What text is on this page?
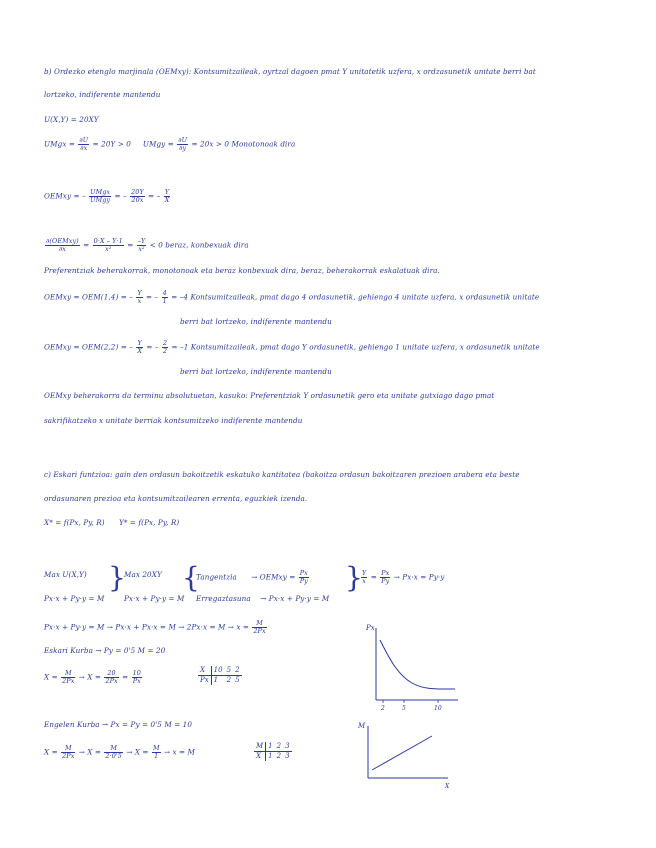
b) Ordezko etenglo marjinala (OEMxy): Kontsumitzaileak, oyrtzal dagoen pmat Y unitatetik uzfera, x ordzasunetik unitate berri bat
lortzeko, indiferente mantendu
U(X,Y) = 20XY
UMgx = $\frac{\partial U}{\partial x} = 20Y > 0$ UMgy = $\frac{\partial U}{\partial y} = 20x > 0$ Monotonoak dira
OEMxy = – $\frac{\text{UMgx}}{\text{UMgy}}$ = – $\frac{20Y}{20x}$ = – $\frac{Y}{X}$
$\frac{\text{∂(OEMxy)}}{\partial x} = \frac{0\cdot X - Y\cdot 1}{\text{x²}} = \frac{-Y}{\text{x²}} < 0$ beraz, konbexuak dira
Preferentziak beherakorrak, monotonoak eta beraz konbexuak dira, beraz, beherakorrak eskalatuak dira.
OEMxy = OEM(1,4) = – $\frac{Y}{x}$ = – $\frac{4}{1} = -4$ Kontsumitzaileak, pmat dago 4 ordasunetik, gehiengo 4 unitate uzfera, x ordasunetik unitate
berri bat lortzeko, indiferente mantendu
OEMxy = OEM(2,2) = – $\frac{Y}{X}$ = – $\frac{2}{2} = -1$ Kontsumitzaileak, pmat dago Y ordasunetik, gehiengo 1 unitate uzfera, x ordasunetik unitate
berri bat lortzeko, indiferente mantendu
OEMxy beherakorra da terminu absolutuetan, kasuko: Preferentziak Y ordasunetik gero eta unitate gutxiago dago pmat
sakrifikatzeko x unitate berriak kontsumitzeko indiferente mantendu
c) Eskari funtzioa: gain den ordasun bakoitzetik eskatuko kantitatea (bakoitza ordasun bakoitzaren prezioen arabera eta beste
ordasunaren prezioa eta kontsumitzailearen errenta, eguzkiek izenda.
X* = f(Px, Py, R) Y* = f(Px, Py, R)
Max U(X,Y)
Px·x + Py·y = M
}
Max 20XY
Px·x + Py·y = M
{
Tangentzia → OEMxy = $\frac{Px}{Py}$
Erregaztasuna → Px·x + Py·y = M
}
$\frac{Y}{x} = \frac{Px}{Py} \to Px\cdot x = Py\cdot y$
$Px\cdot x + Py\cdot y = M \to Px\cdot x + Px\cdot x = M \to 2Px\cdot x = M \to x = \frac{M}{2Px}$
Eskari Kurba → Py = 0'5 M = 20
$X = \frac{M}{2Px} \to X = \frac{20}{2Px} = \frac{10}{Px}$	X	10	5	2
Px	1	2	5
Engelen Kurba → Px = Py = 0'5 M = 10
$X = \frac{M}{2Px} \to X = \frac{M}{2\cdot 0'5} \to X = \frac{M}{1} \to x = M$
M	1	2	3
X	1	2	3
Px
2	5	10
M
X
